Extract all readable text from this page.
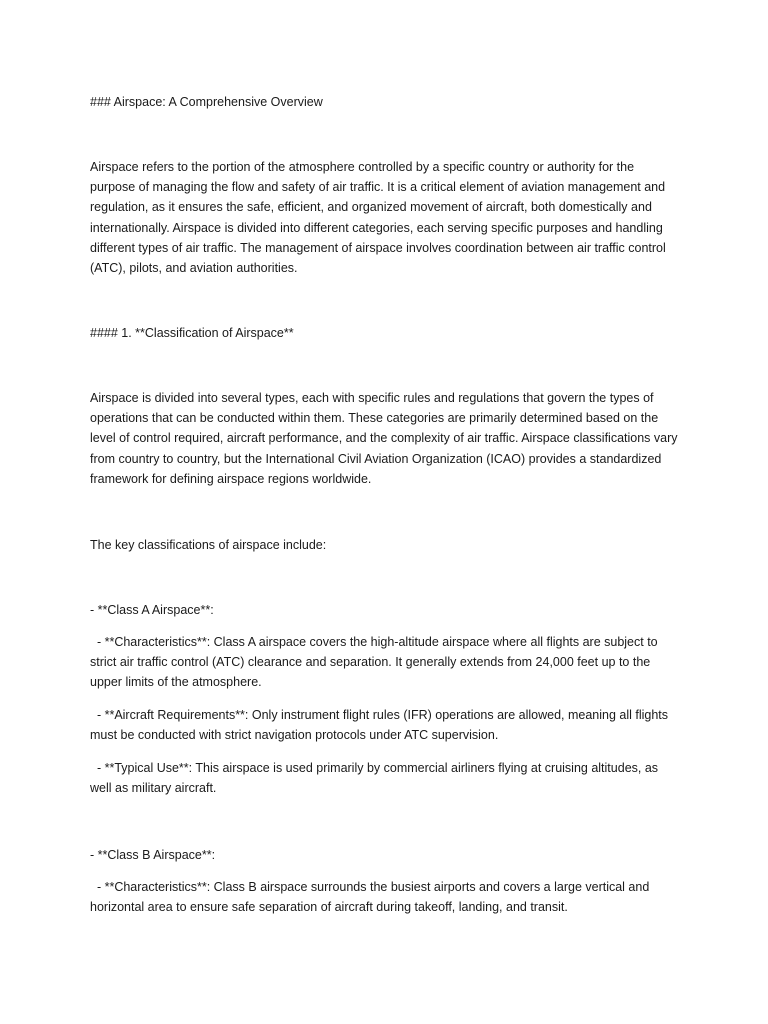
### Airspace: A Comprehensive Overview

Airspace refers to the portion of the atmosphere controlled by a specific country or authority for the purpose of managing the flow and safety of air traffic. It is a critical element of aviation management and regulation, as it ensures the safe, efficient, and organized movement of aircraft, both domestically and internationally. Airspace is divided into different categories, each serving specific purposes and handling different types of air traffic. The management of airspace involves coordination between air traffic control (ATC), pilots, and aviation authorities.

#### 1. **Classification of Airspace**

Airspace is divided into several types, each with specific rules and regulations that govern the types of operations that can be conducted within them. These categories are primarily determined based on the level of control required, aircraft performance, and the complexity of air traffic. Airspace classifications vary from country to country, but the International Civil Aviation Organization (ICAO) provides a standardized framework for defining airspace regions worldwide.

The key classifications of airspace include:

- **Class A Airspace**:

- **Characteristics**: Class A airspace covers the high-altitude airspace where all flights are subject to strict air traffic control (ATC) clearance and separation. It generally extends from 24,000 feet up to the upper limits of the atmosphere.

- **Aircraft Requirements**: Only instrument flight rules (IFR) operations are allowed, meaning all flights must be conducted with strict navigation protocols under ATC supervision.

- **Typical Use**: This airspace is used primarily by commercial airliners flying at cruising altitudes, as well as military aircraft.

- **Class B Airspace**:

- **Characteristics**: Class B airspace surrounds the busiest airports and covers a large vertical and horizontal area to ensure safe separation of aircraft during takeoff, landing, and transit.
